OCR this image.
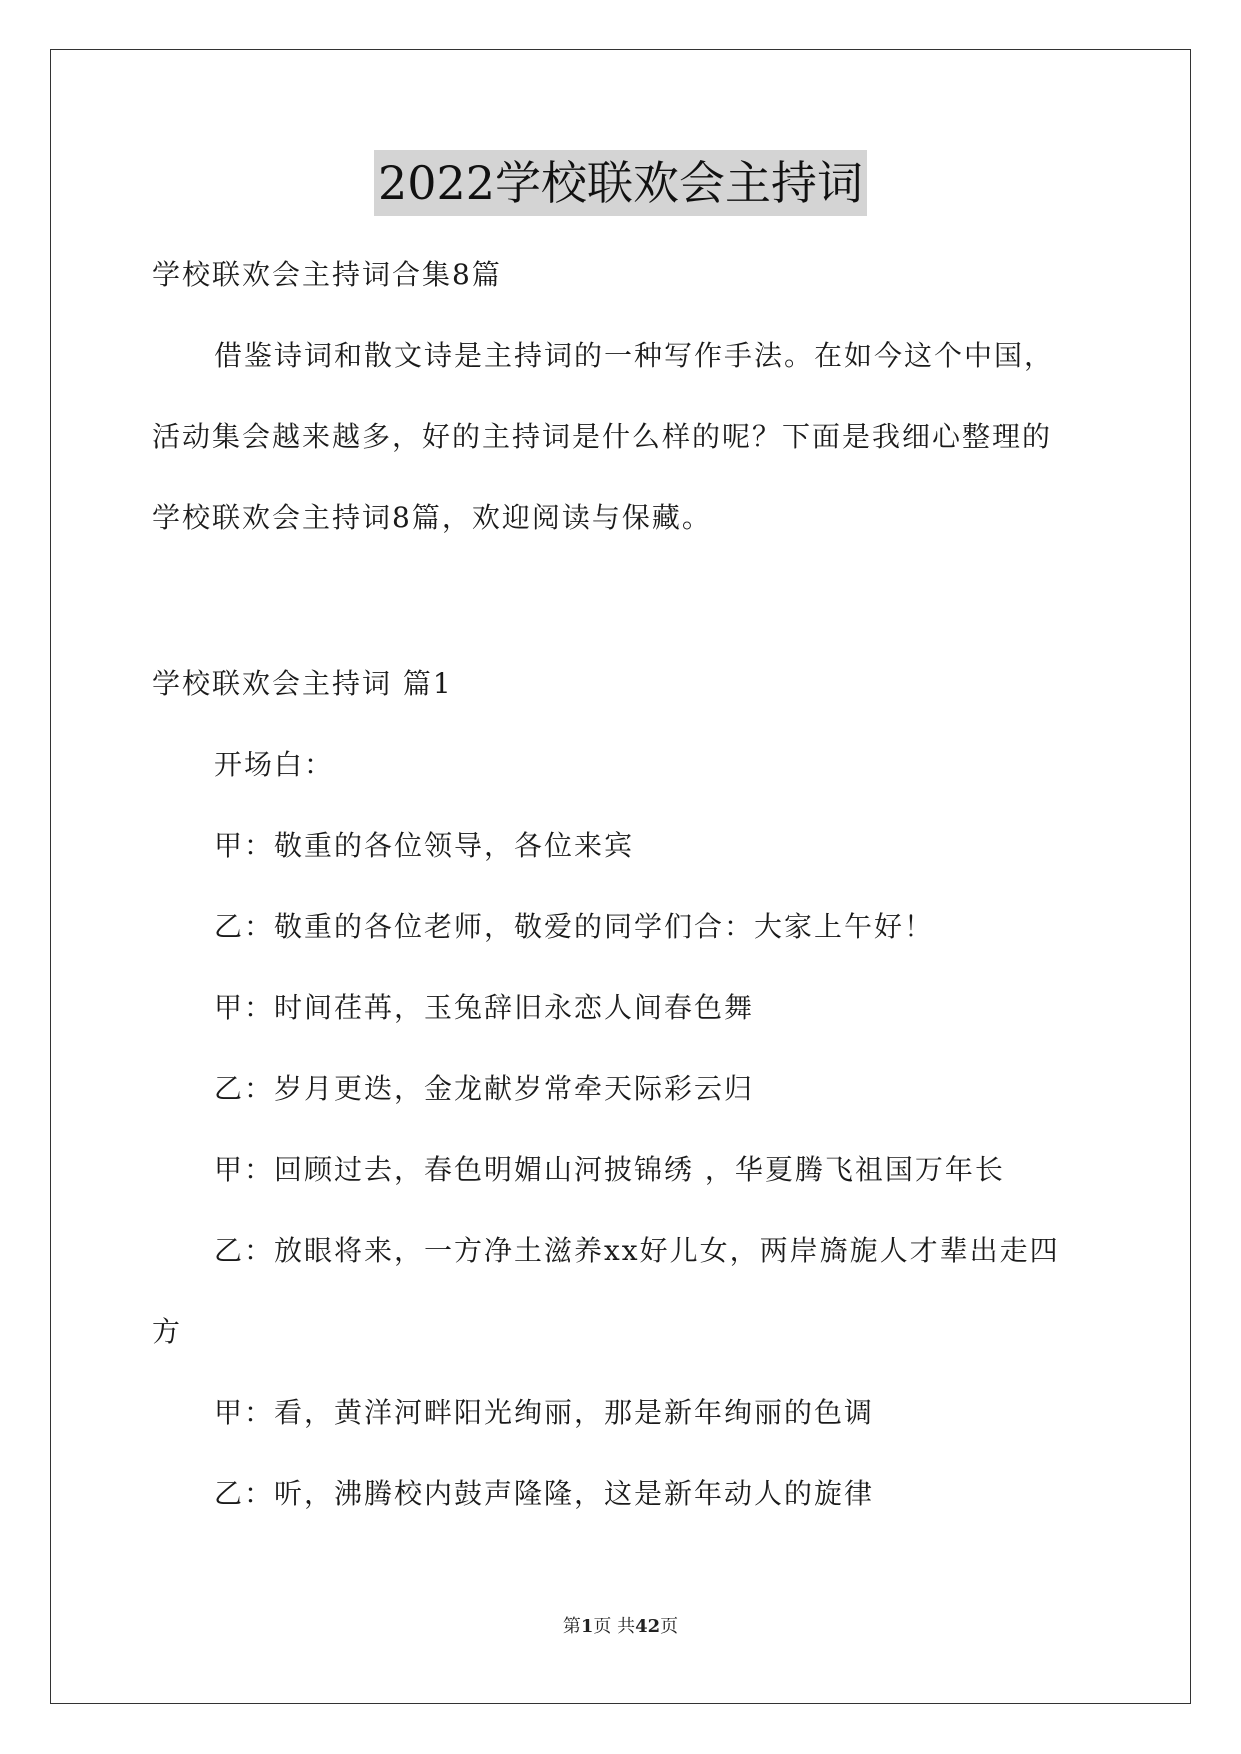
2022学校联欢会主持词
学校联欢会主持词合集8篇
借鉴诗词和散文诗是主持词的一种写作手法。在如今这个中国，
活动集会越来越多，好的主持词是什么样的呢？下面是我细心整理的
学校联欢会主持词8篇，欢迎阅读与保藏。
学校联欢会主持词 篇1
开场白：
甲：敬重的各位领导，各位来宾
乙：敬重的各位老师，敬爱的同学们合：大家上午好！
甲：时间荏苒，玉兔辞旧永恋人间春色舞
乙：岁月更迭，金龙献岁常牵天际彩云归
甲：回顾过去，春色明媚山河披锦绣 ，华夏腾飞祖国万年长
乙：放眼将来，一方净土滋养xx好儿女，两岸旖旎人才辈出走四
方
甲：看，黄洋河畔阳光绚丽，那是新年绚丽的色调
乙：听，沸腾校内鼓声隆隆，这是新年动人的旋律
第1页 共42页
